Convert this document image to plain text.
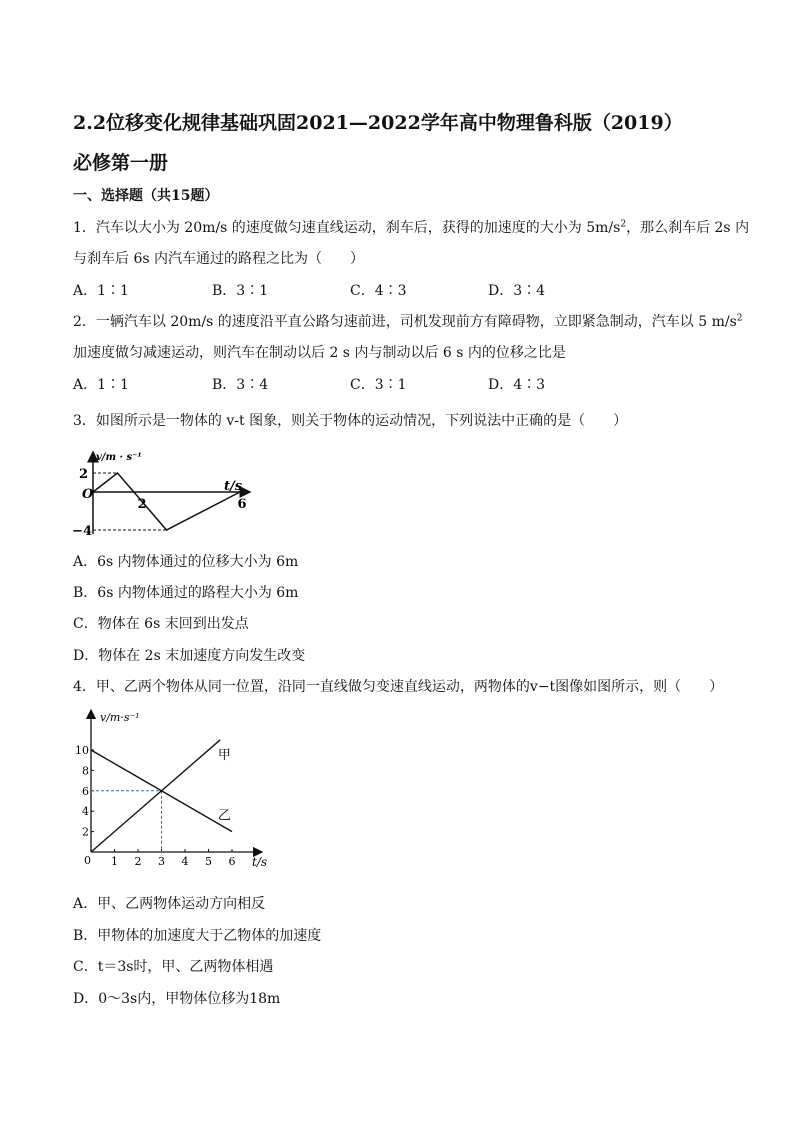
2.2位移变化规律基础巩固2021—2022学年高中物理鲁科版（2019）
必修第一册
一、选择题（共15题）
1．汽车以大小为 20m/s 的速度做匀速直线运动，刹车后，获得的加速度的大小为 $5m/s^2$，那么刹车后 2s 内
与刹车后 6s 内汽车通过的路程之比为（　　）
A．1∶1	B．3∶1	C．4∶3	D．3∶4
2．一辆汽车以 20m/s 的速度沿平直公路匀速前进，司机发现前方有障碍物，立即紧急制动，汽车以 5 $m/s^2$
加速度做匀减速运动，则汽车在制动以后 2 s 内与制动以后 6 s 内的位移之比是
A．1∶1	B．3∶4	C．3∶1	D．4∶3
3．如图所示是一物体的 v-t 图象，则关于物体的运动情况，下列说法中正确的是（　　）
v/m · s⁻¹
t/s
O
2	6
2
−4
A．6s 内物体通过的位移大小为 6m
B．6s 内物体通过的路程大小为 6m
C．物体在 6s 末回到出发点
D．物体在 2s 末加速度方向发生改变
4．甲、乙两个物体从同一位置，沿同一直线做匀变速直线运动，两物体的v−t图像如图所示，则（　　）
v/m·s⁻¹
t/s
0 1 2 3 4 5 6
2
4
6
8
10	甲
乙
A．甲、乙两物体运动方向相反
B．甲物体的加速度大于乙物体的加速度
C．t＝3s时，甲、乙两物体相遇
D．0～3s内，甲物体位移为18m
